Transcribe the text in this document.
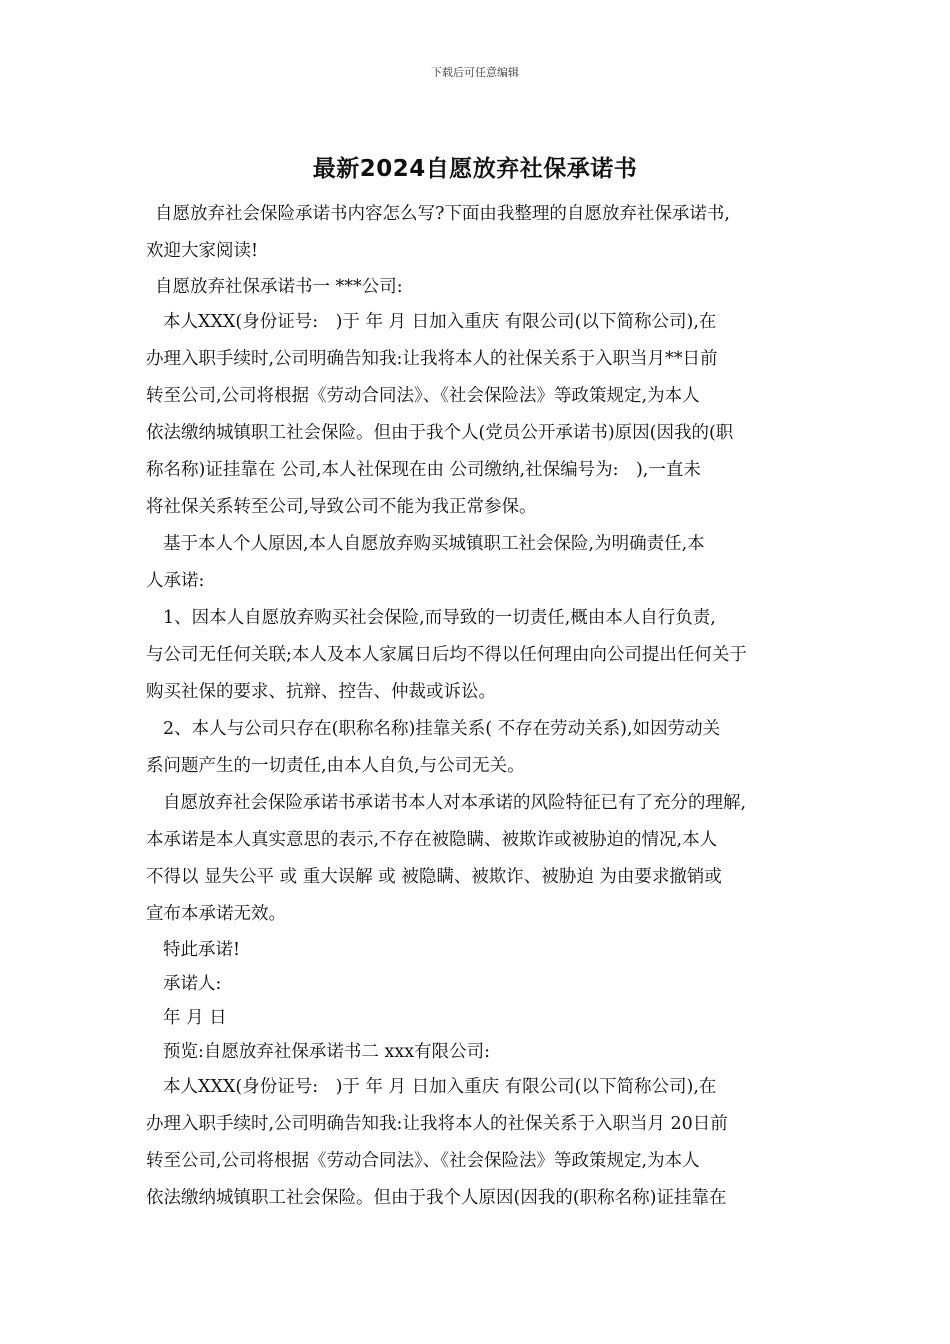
下载后可任意编辑
最新2024自愿放弃社保承诺书
自愿放弃社会保险承诺书内容怎么写?下面由我整理的自愿放弃社保承诺书,
欢迎大家阅读!
自愿放弃社保承诺书一 ***公司:
本人XXX(身份证号:　)于 年 月 日加入重庆 有限公司(以下简称公司),在
办理入职手续时,公司明确告知我:让我将本人的社保关系于入职当月**日前
转至公司,公司将根据《劳动合同法》、《社会保险法》等政策规定,为本人
依法缴纳城镇职工社会保险。但由于我个人(党员公开承诺书)原因(因我的(职
称名称)证挂靠在 公司,本人社保现在由 公司缴纳,社保编号为:　),一直未
将社保关系转至公司,导致公司不能为我正常参保。
基于本人个人原因,本人自愿放弃购买城镇职工社会保险,为明确责任,本
人承诺:
1、因本人自愿放弃购买社会保险,而导致的一切责任,概由本人自行负责,
与公司无任何关联;本人及本人家属日后均不得以任何理由向公司提出任何关于
购买社保的要求、抗辩、控告、仲裁或诉讼。
2、本人与公司只存在(职称名称)挂靠关系( 不存在劳动关系),如因劳动关
系问题产生的一切责任,由本人自负,与公司无关。
自愿放弃社会保险承诺书承诺书本人对本承诺的风险特征已有了充分的理解,
本承诺是本人真实意思的表示,不存在被隐瞒、被欺诈或被胁迫的情况,本人
不得以 显失公平 或 重大误解 或 被隐瞒、被欺诈、被胁迫 为由要求撤销或
宣布本承诺无效。
特此承诺!
承诺人:
年 月 日
预览:自愿放弃社保承诺书二 xxx有限公司:
本人XXX(身份证号:　)于 年 月 日加入重庆 有限公司(以下简称公司),在
办理入职手续时,公司明确告知我:让我将本人的社保关系于入职当月 20日前
转至公司,公司将根据《劳动合同法》、《社会保险法》等政策规定,为本人
依法缴纳城镇职工社会保险。但由于我个人原因(因我的(职称名称)证挂靠在
